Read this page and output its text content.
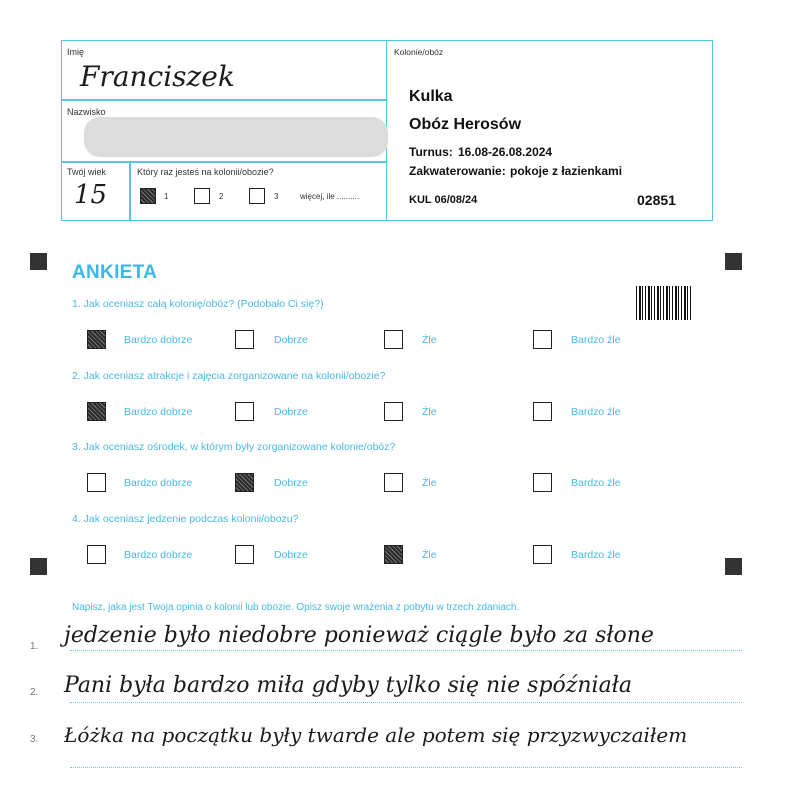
Imię
Franciszek
Nazwisko
Twój wiek
15
Który raz jesteś na kolonii/obozie?
1	2	3	więcej, ile ..........
Kolonie/obóz
Kulka
Obóz Herosów
Turnus: 16.08-26.08.2024
Zakwaterowanie: pokoje z łazienkami
KUL 06/08/24	02851
ANKIETA
1. Jak oceniasz całą kolonię/obóz? (Podobało Ci się?)
Bardzo dobrze	Dobrze	Źle	Bardzo źle
2. Jak oceniasz atrakcje i zajęcia zorganizowane na kolonii/obozie?
Bardzo dobrze	Dobrze	Źle	Bardzo źle
3. Jak oceniasz ośrodek, w którym były zorganizowane kolonie/obóz?
Bardzo dobrze	Dobrze	Źle	Bardzo źle
4. Jak oceniasz jedzenie podczas kolonii/obozu?
Bardzo dobrze	Dobrze	Źle	Bardzo źle
Napisz, jaka jest Twoja opinia o kolonii lub obozie. Opisz swoje wrażenia z pobytu w trzech zdaniach.
1. jedzenie było niedobre ponieważ ciągle było za słone
2. Pani była bardzo miła gdyby tylko się nie spóźniała
3. Łóżka na początku były twarde ale potem się przyzwyczaiłem
